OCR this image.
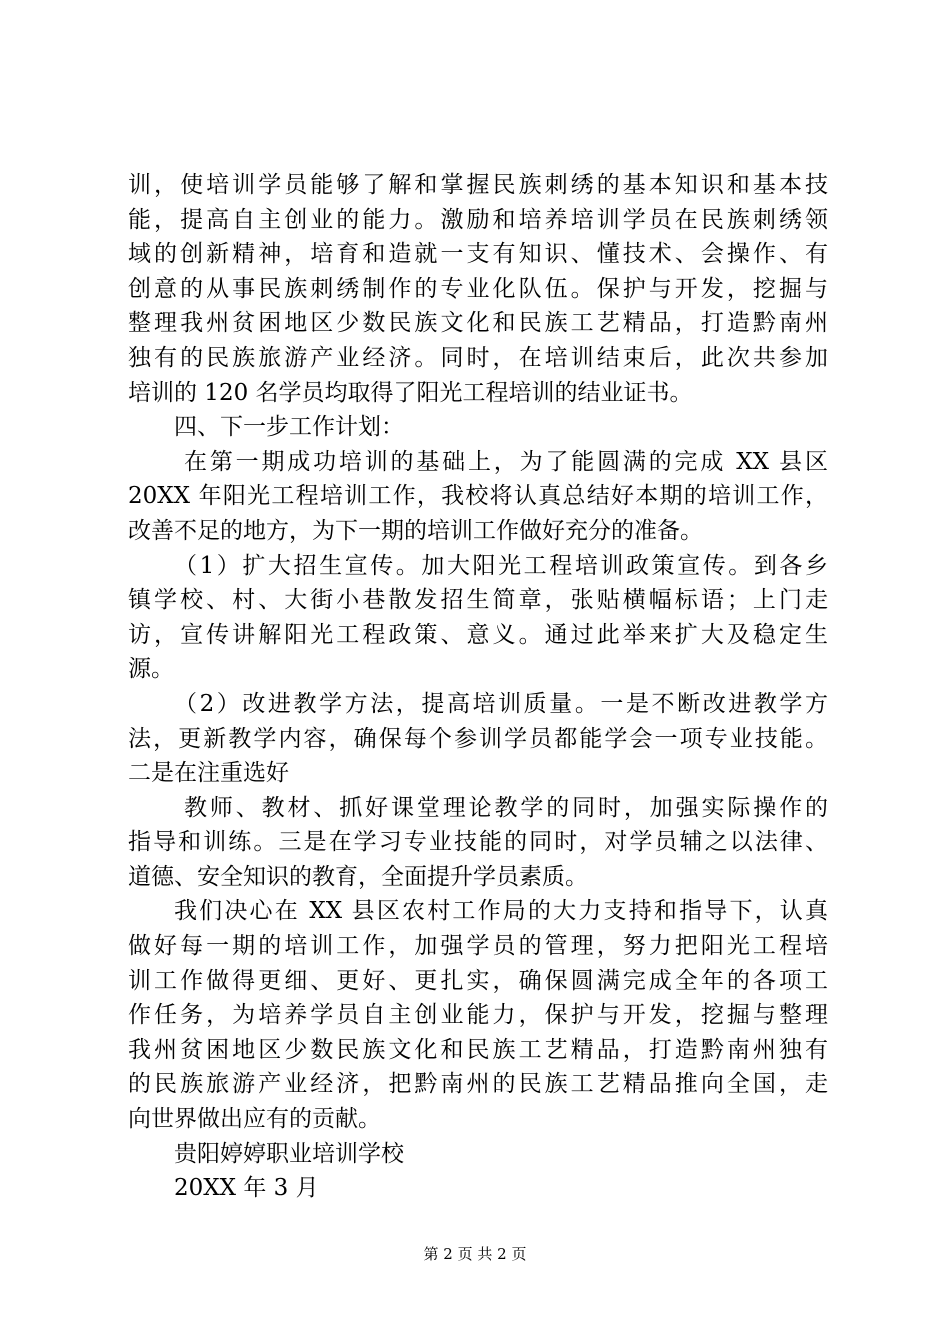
训，使培训学员能够了解和掌握民族刺绣的基本知识和基本技
能，提高自主创业的能力。激励和培养培训学员在民族刺绣领
域的创新精神，培育和造就一支有知识、懂技术、会操作、有
创意的从事民族刺绣制作的专业化队伍。保护与开发，挖掘与
整理我州贫困地区少数民族文化和民族工艺精品，打造黔南州
独有的民族旅游产业经济。同时，在培训结束后，此次共参加
培训的 120 名学员均取得了阳光工程培训的结业证书。
四、下一步工作计划：
在第一期成功培训的基础上，为了能圆满的完成 XX 县区
20XX 年阳光工程培训工作，我校将认真总结好本期的培训工作，
改善不足的地方，为下一期的培训工作做好充分的准备。
（1）扩大招生宣传。加大阳光工程培训政策宣传。到各乡
镇学校、村、大街小巷散发招生简章，张贴横幅标语；上门走
访，宣传讲解阳光工程政策、意义。通过此举来扩大及稳定生
源。
（2）改进教学方法，提高培训质量。一是不断改进教学方
法，更新教学内容，确保每个参训学员都能学会一项专业技能。
二是在注重选好
教师、教材、抓好课堂理论教学的同时，加强实际操作的
指导和训练。三是在学习专业技能的同时，对学员辅之以法律、
道德、安全知识的教育，全面提升学员素质。
我们决心在 XX 县区农村工作局的大力支持和指导下，认真
做好每一期的培训工作，加强学员的管理，努力把阳光工程培
训工作做得更细、更好、更扎实，确保圆满完成全年的各项工
作任务，为培养学员自主创业能力，保护与开发，挖掘与整理
我州贫困地区少数民族文化和民族工艺精品，打造黔南州独有
的民族旅游产业经济，把黔南州的民族工艺精品推向全国，走
向世界做出应有的贡献。
贵阳婷婷职业培训学校
20XX 年 3 月
第 2 页 共 2 页
